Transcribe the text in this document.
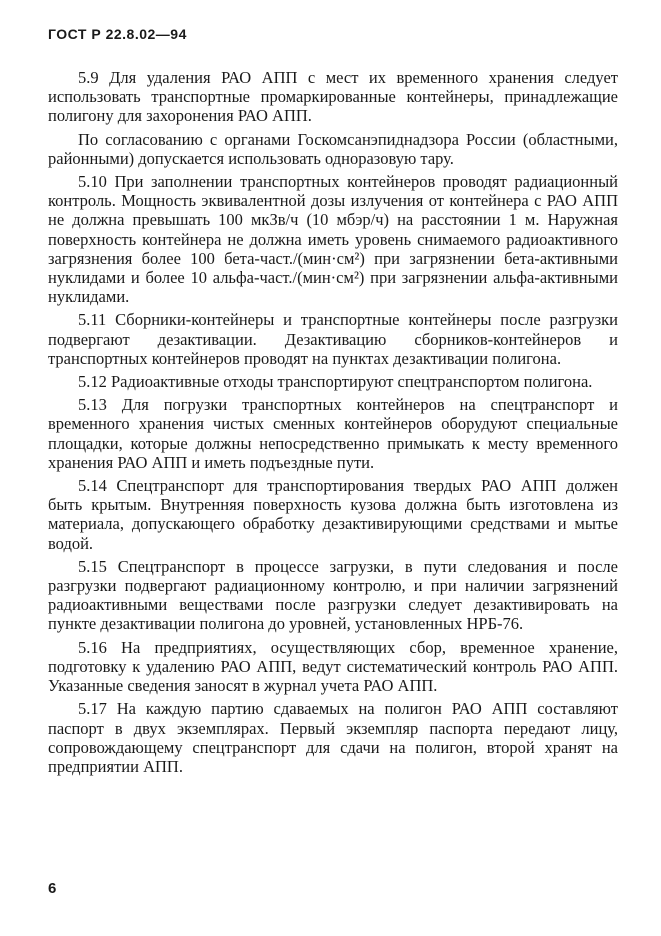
ГОСТ Р 22.8.02—94

5.9 Для удаления РАО АПП с мест их временного хранения следует использовать транспортные промаркированные контейнеры, принадлежащие полигону для захоронения РАО АПП.

По согласованию с органами Госкомсанэпиднадзора России (областными, районными) допускается использовать одноразовую тару.

5.10 При заполнении транспортных контейнеров проводят радиационный контроль. Мощность эквивалентной дозы излучения от контейнера с РАО АПП не должна превышать 100 мкЗв/ч (10 мбэр/ч) на расстоянии 1 м. Наружная поверхность контейнера не должна иметь уровень снимаемого радиоактивного загрязнения более 100 бета-част./(мин·см²) при загрязнении бета-активными нуклидами и более 10 альфа-част./(мин·см²) при загрязнении альфа-активными нуклидами.

5.11 Сборники-контейнеры и транспортные контейнеры после разгрузки подвергают дезактивации. Дезактивацию сборников-контейнеров и транспортных контейнеров проводят на пунктах дезактивации полигона.

5.12 Радиоактивные отходы транспортируют спецтранспортом полигона.

5.13 Для погрузки транспортных контейнеров на спецтранспорт и временного хранения чистых сменных контейнеров оборудуют специальные площадки, которые должны непосредственно примыкать к месту временного хранения РАО АПП и иметь подъездные пути.

5.14 Спецтранспорт для транспортирования твердых РАО АПП должен быть крытым. Внутренняя поверхность кузова должна быть изготовлена из материала, допускающего обработку дезактивирующими средствами и мытье водой.

5.15 Спецтранспорт в процессе загрузки, в пути следования и после разгрузки подвергают радиационному контролю, и при наличии загрязнений радиоактивными веществами после разгрузки следует дезактивировать на пункте дезактивации полигона до уровней, установленных НРБ-76.

5.16 На предприятиях, осуществляющих сбор, временное хранение, подготовку к удалению РАО АПП, ведут систематический контроль РАО АПП. Указанные сведения заносят в журнал учета РАО АПП.

5.17 На каждую партию сдаваемых на полигон РАО АПП составляют паспорт в двух экземплярах. Первый экземпляр паспорта передают лицу, сопровождающему спецтранспорт для сдачи на полигон, второй хранят на предприятии АПП.

6
